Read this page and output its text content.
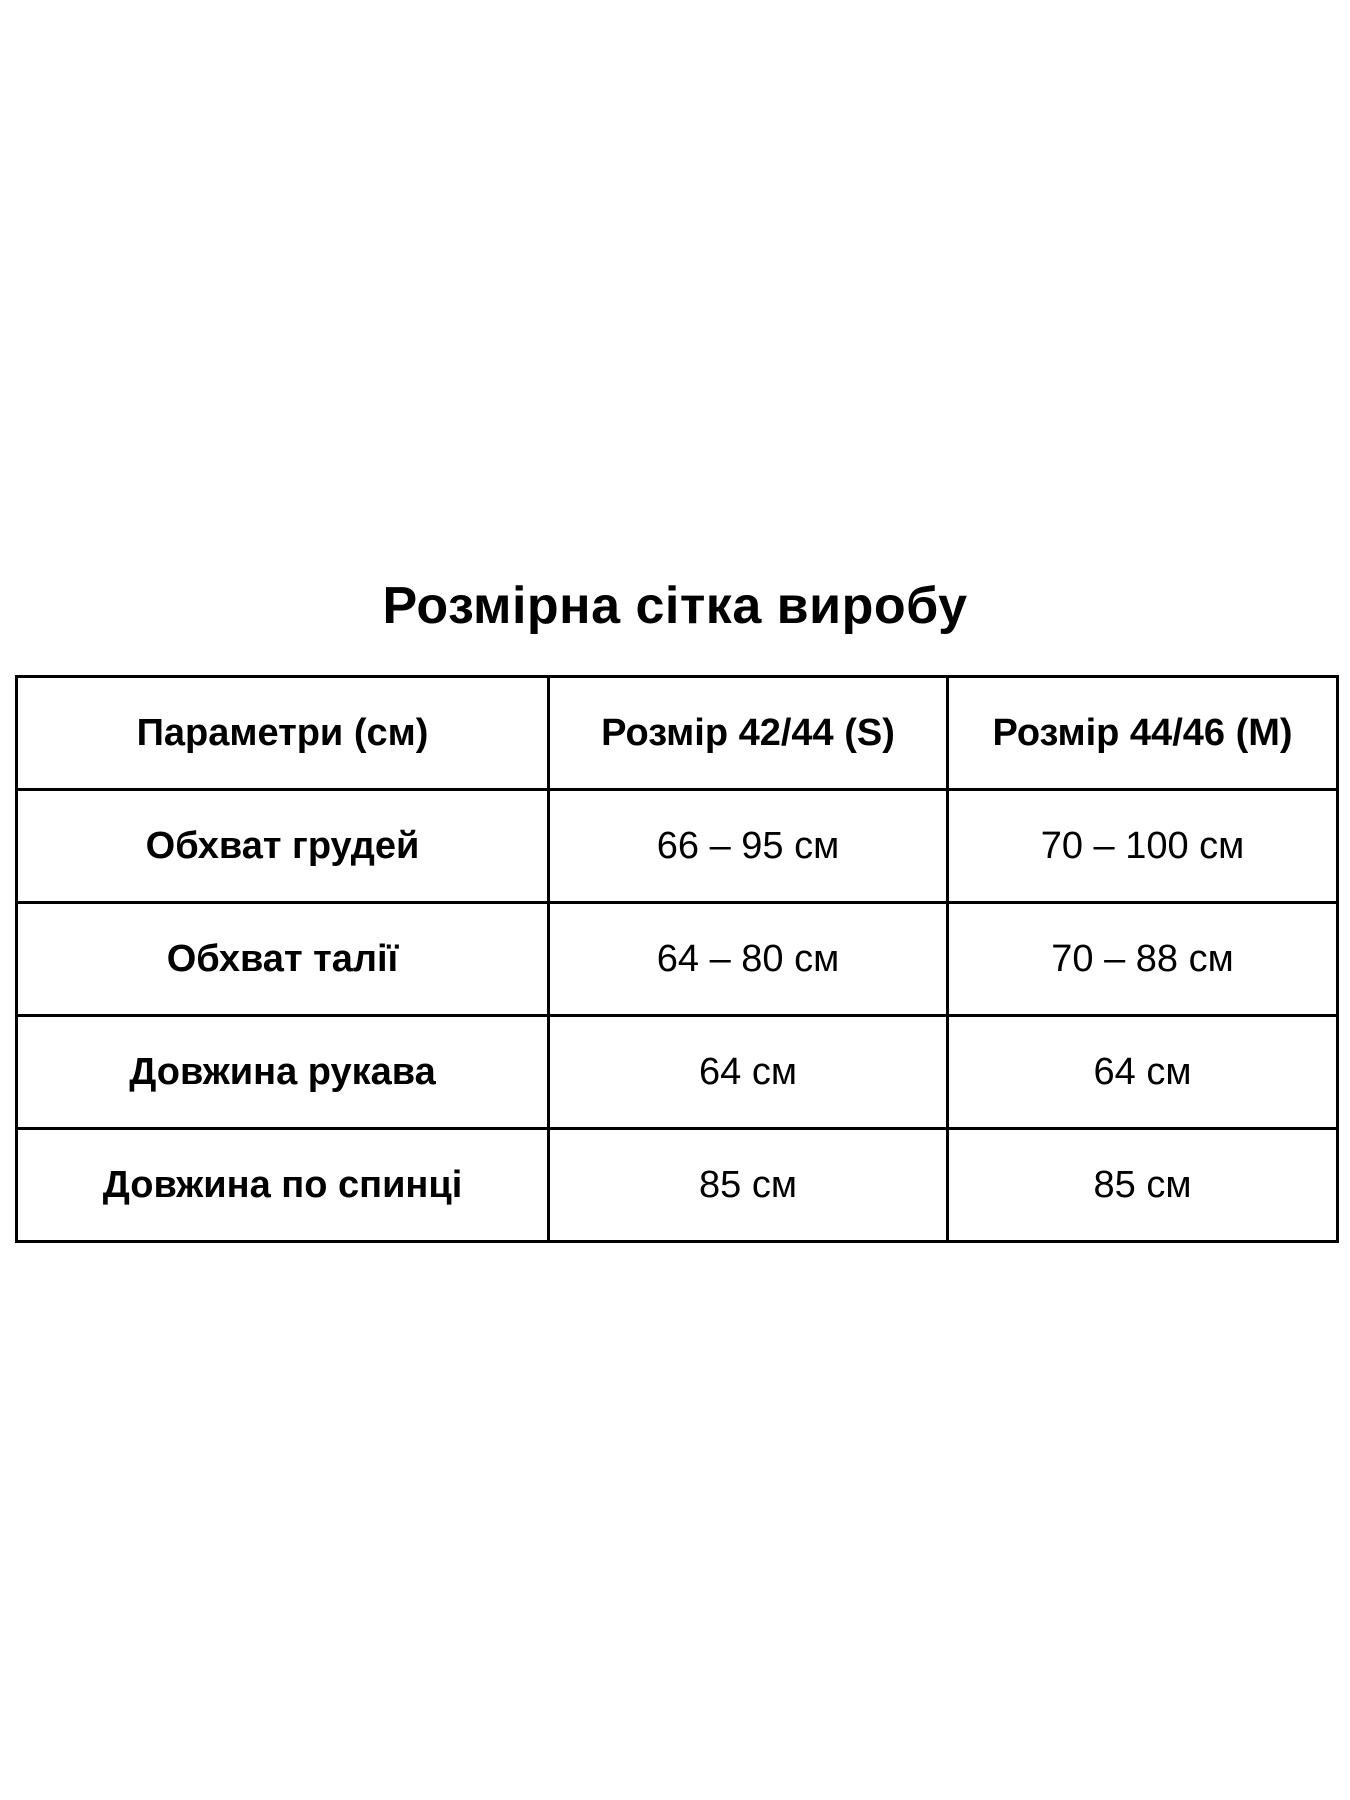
Розмірна сітка виробу
Параметри (см)	Розмір 42/44 (S)	Розмір 44/46 (M)
Обхват грудей	66 – 95 см	70 – 100 см
Обхват талії	64 – 80 см	70 – 88 см
Довжина рукава	64 см	64 см
Довжина по спинці	85 см	85 см
